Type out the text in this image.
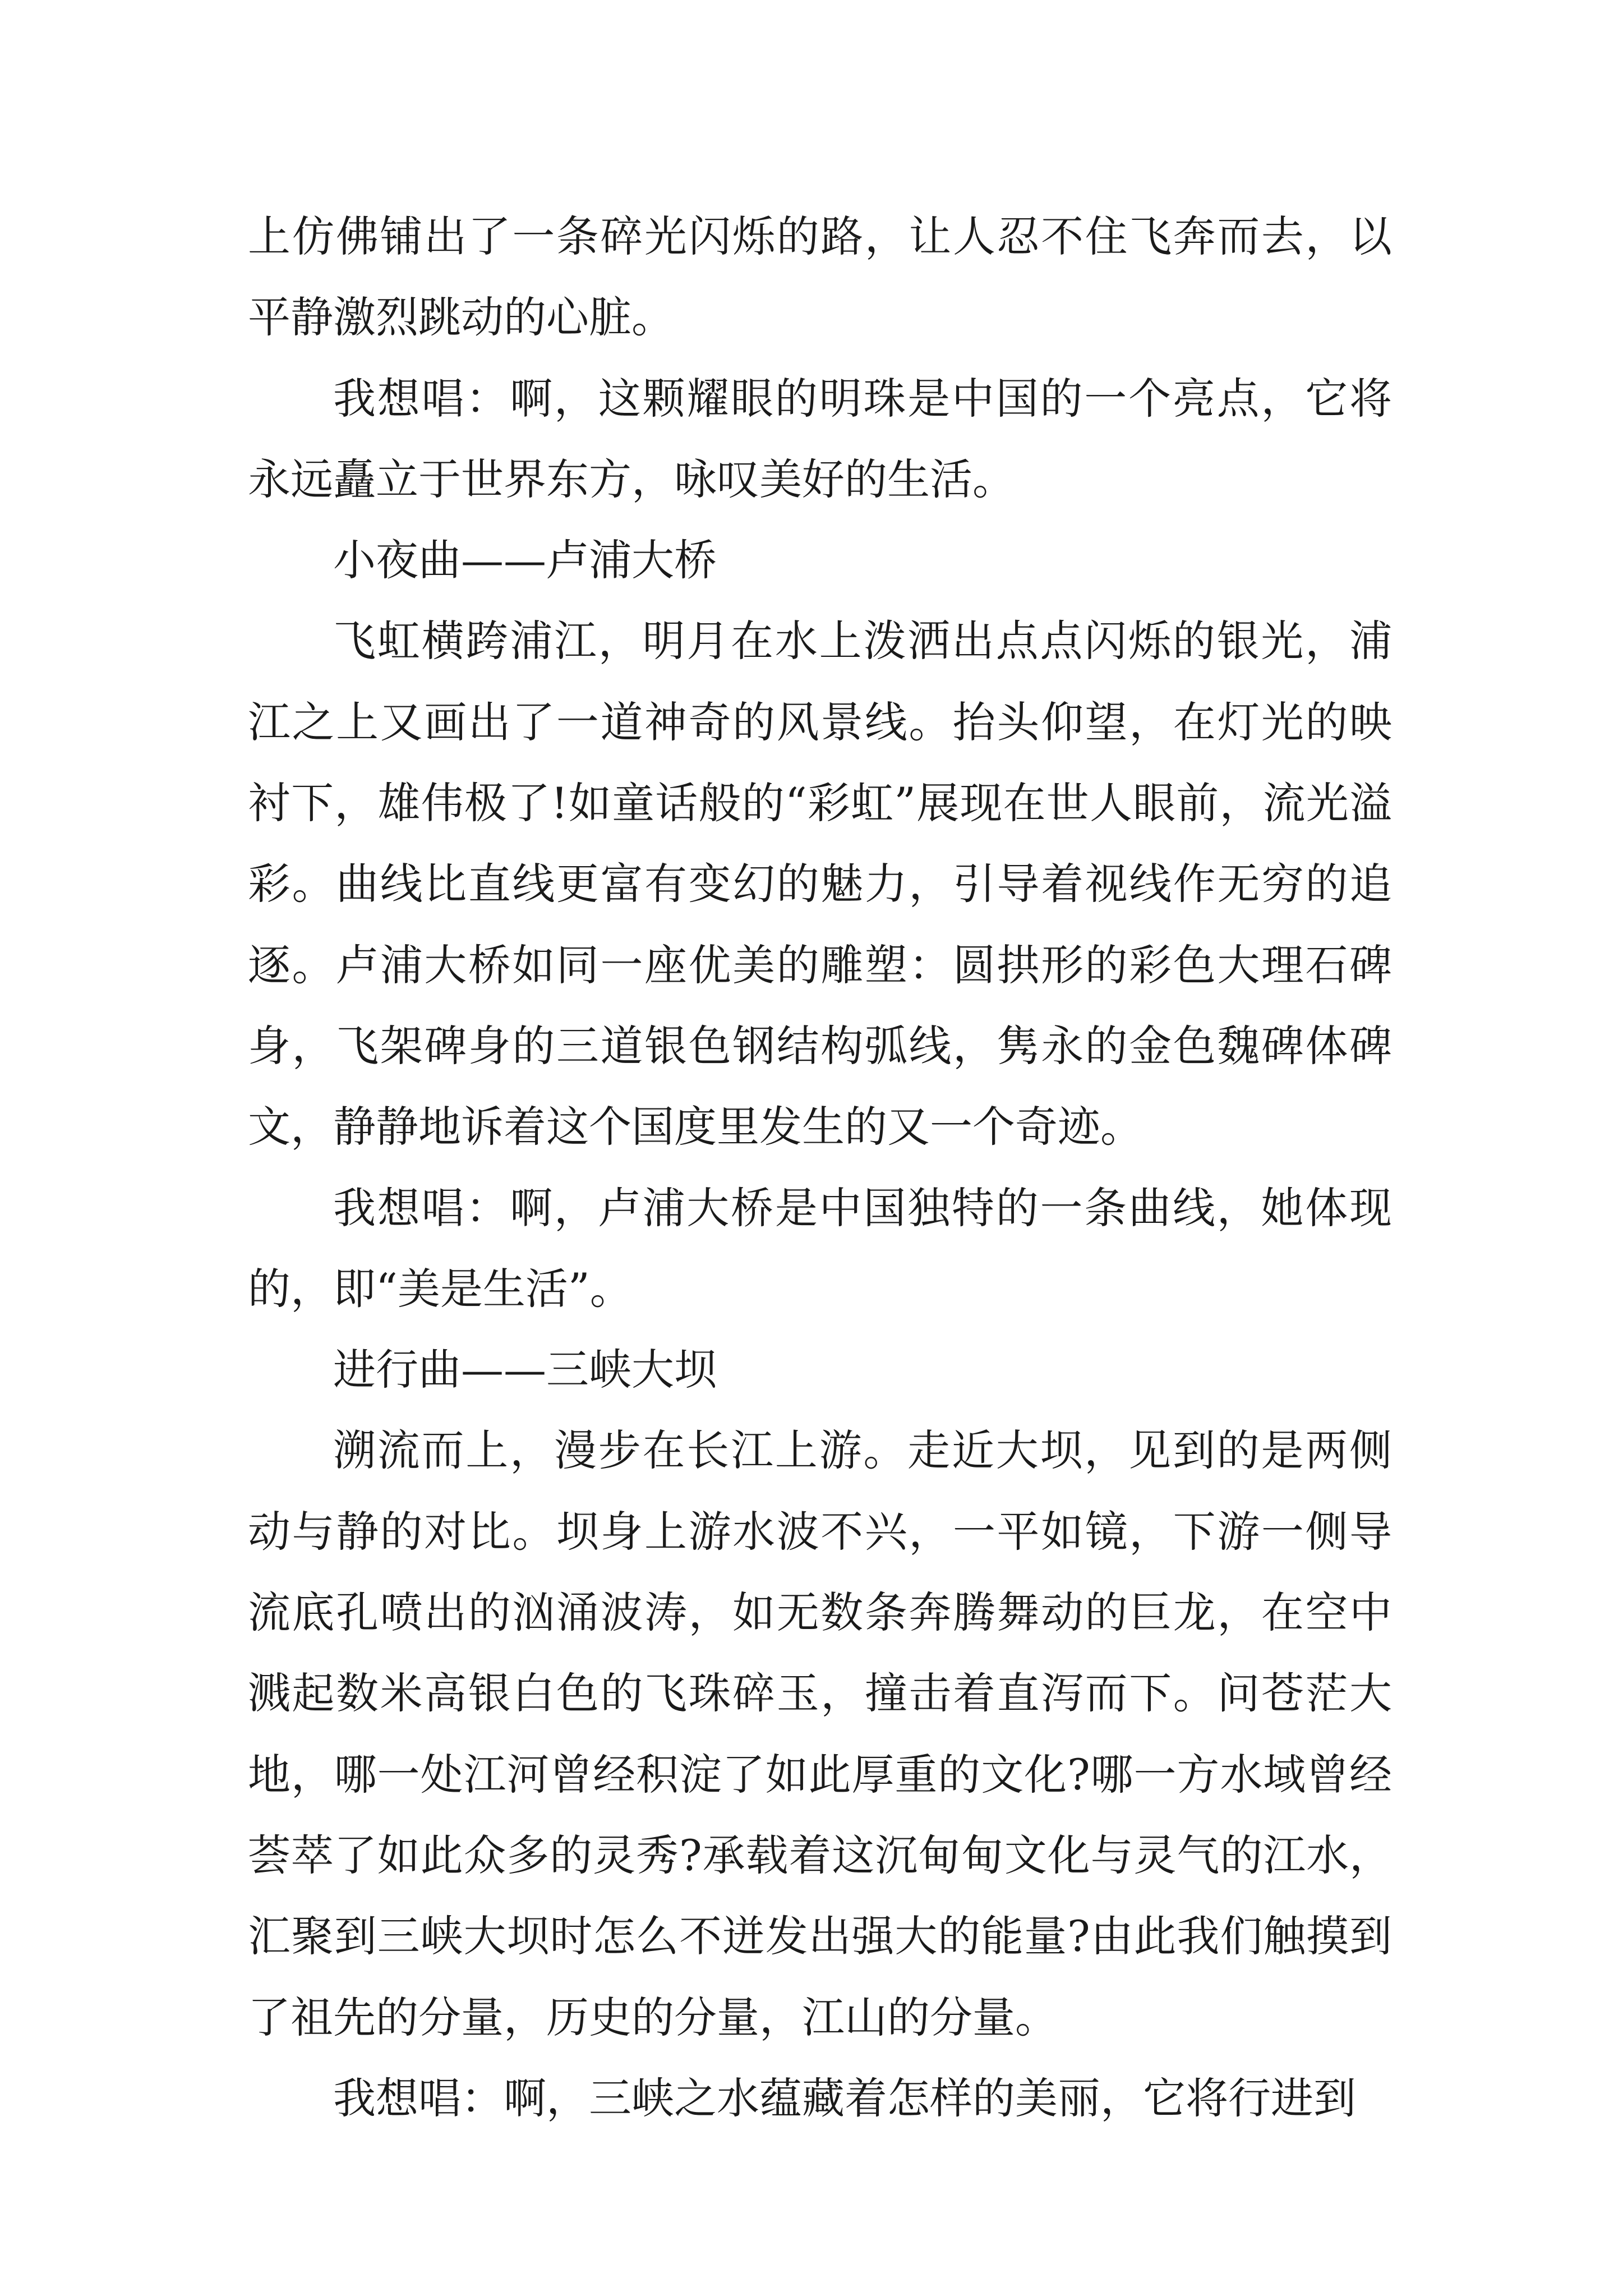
上仿佛铺出了一条碎光闪烁的路，让人忍不住飞奔而去，以平静激烈跳动的心脏。

我想唱：啊，这颗耀眼的明珠是中国的一个亮点，它将永远矗立于世界东方，咏叹美好的生活。

小夜曲——卢浦大桥

飞虹横跨浦江，明月在水上泼洒出点点闪烁的银光，浦江之上又画出了一道神奇的风景线。抬头仰望，在灯光的映衬下，雄伟极了!如童话般的“彩虹”展现在世人眼前，流光溢彩。曲线比直线更富有变幻的魅力，引导着视线作无穷的追逐。卢浦大桥如同一座优美的雕塑：圆拱形的彩色大理石碑身，飞架碑身的三道银色钢结构弧线，隽永的金色魏碑体碑文，静静地诉着这个国度里发生的又一个奇迹。

我想唱：啊，卢浦大桥是中国独特的一条曲线，她体现的，即“美是生活”。

进行曲——三峡大坝

溯流而上，漫步在长江上游。走近大坝，见到的是两侧动与静的对比。坝身上游水波不兴，一平如镜，下游一侧导流底孔喷出的汹涌波涛，如无数条奔腾舞动的巨龙，在空中溅起数米高银白色的飞珠碎玉，撞击着直泻而下。问苍茫大地，哪一处江河曾经积淀了如此厚重的文化?哪一方水域曾经荟萃了如此众多的灵秀?承载着这沉甸甸文化与灵气的江水，汇聚到三峡大坝时怎么不迸发出强大的能量?由此我们触摸到了祖先的分量，历史的分量，江山的分量。

我想唱：啊，三峡之水蕴藏着怎样的美丽，它将行进到
